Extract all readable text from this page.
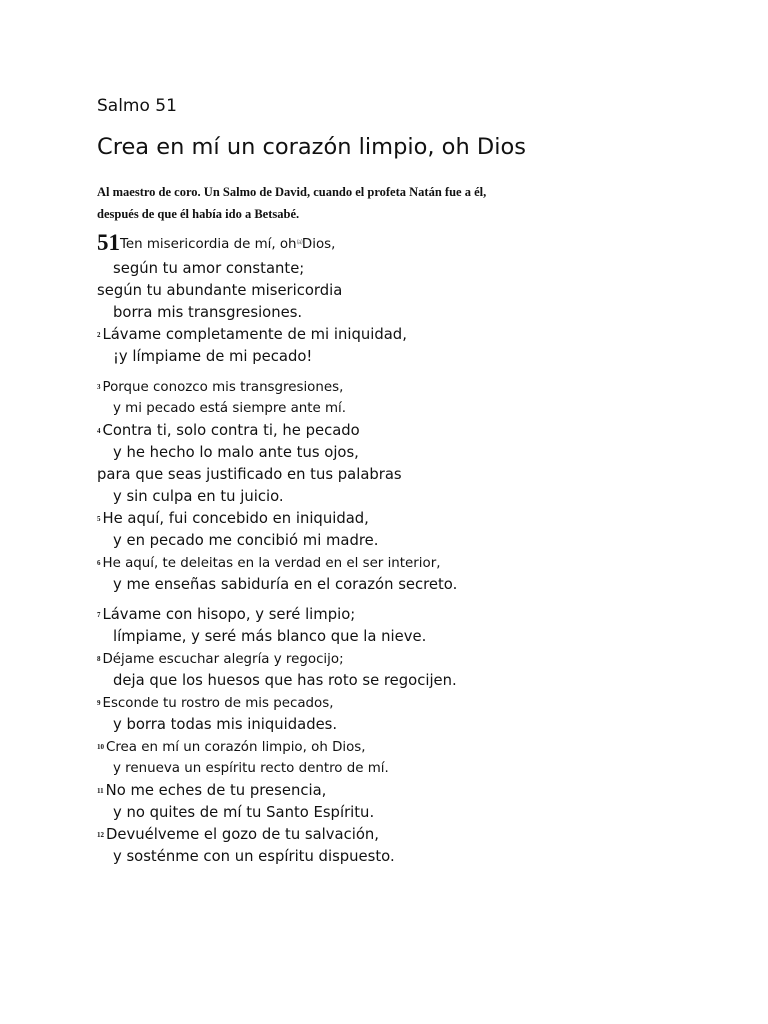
Salmo 51
Crea en mí un corazón limpio, oh Dios
Al maestro de coro. Un Salmo de David, cuando el profeta Natán fue a él,
después de que él había ido a Betsabé.
51Ten misericordia de mí, oh$^{(a)}$Dios,
según tu amor constante;
según tu abundante misericordia
borra mis transgresiones.
2 Lávame completamente de mi iniquidad,
¡y límpiame de mi pecado!
3 Porque conozco mis transgresiones,
y mi pecado está siempre ante mí.
4 Contra ti, solo contra ti, he pecado
y he hecho lo malo ante tus ojos,
para que seas justificado en tus palabras
y sin culpa en tu juicio.
5 He aquí, fui concebido en iniquidad,
y en pecado me concibió mi madre.
6 He aquí, te deleitas en la verdad en el ser interior,
y me enseñas sabiduría en el corazón secreto.
7 Lávame con hisopo, y seré limpio;
límpiame, y seré más blanco que la nieve.
8 Déjame escuchar alegría y regocijo;
deja que los huesos que has roto se regocijen.
9 Esconde tu rostro de mis pecados,
y borra todas mis iniquidades.
10 Crea en mí un corazón limpio, oh Dios,
y renueva un espíritu recto dentro de mí.
11 No me eches de tu presencia,
y no quites de mí tu Santo Espíritu.
12 Devuélveme el gozo de tu salvación,
y sosténme con un espíritu dispuesto.
